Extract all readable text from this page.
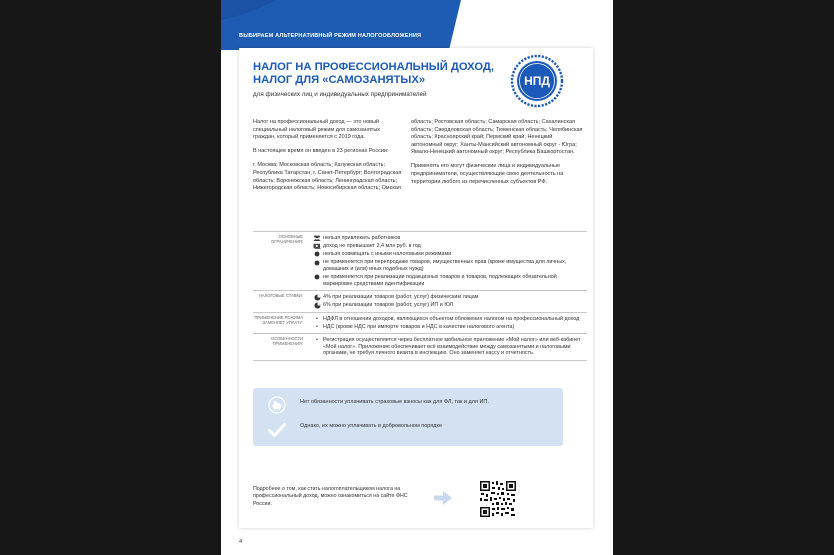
ВЫБИРАЕМ АЛЬТЕРНАТИВНЫЙ РЕЖИМ НАЛОГООБЛОЖЕНИЯ
НАЛОГ НА ПРОФЕССИОНАЛЬНЫЙ ДОХОД,
НАЛОГ ДЛЯ «САМОЗАНЯТЫХ»
для физических лиц и индивидуальных предпринимателей
НПД

Налог на профессиональный доход — это новый специальный налоговый режим для самозанятых граждан, который применяется с 2019 года.

В настоящее время он введен в 23 регионах России:

г. Москва; Московская область; Калужская область; Республика Татарстан; г. Санкт-Петербург; Волгоградская область; Воронежская область; Ленинградская область; Нижегородская область; Новосибирская область; Омская

область; Ростовская область; Самарская область; Сахалинская область; Свердловская область; Тюменская область; Челябинская область; Красноярский край; Пермский край; Ненецкий автономный округ; Ханты-Мансийский автономный округ - Югра; Ямало-Ненецкий автономный округ; Республика Башкортостан.

Применять его могут физические лица и индивидуальные предприниматели, осуществляющие свою деятельность на территории любого из перечисленных субъектов РФ.

ОСНОВНЫЕ ОГРАНИЧЕНИЯ:
нельзя привлекать работников
доход не превышает 2,4 млн руб. в год
нельзя совмещать с иными налоговыми режимами
не применяется при перепродаже товаров, имущественных прав (кроме имущества для личных, домашних и (или) иных подобных нужд)
не применяется при реализации подакцизных товаров и товаров, подлежащих обязательной маркировке средствами идентификации
НАЛОГОВЫЕ СТАВКИ:	4% при реализации товаров (работ, услуг) физическим лицам
6% при реализации товаров (работ, услуг) ИП и ЮЛ
ПРИМЕНЕНИЕ РЕЖИМА ЗАМЕНЯЕТ УПЛАТУ:
• НДФЛ в отношении доходов, являющихся объектом обложения налогом на профессиональный доход
• НДС (кроме НДС при импорте товаров и НДС в качестве налогового агента)
ОСОБЕННОСТИ ПРИМЕНЕНИЯ:
• Регистрация осуществляется через бесплатное мобильное приложение «Мой налог» или веб-кабинет «Мой налог». Приложение обеспечивает всё взаимодействие между самозанятыми и налоговыми органами, не требуя личного визита в инспекцию. Оно заменяет кассу и отчетность.
Нет обязанности уплачивать страховые взносы как для ФЛ, так и для ИП.
Однако, их можно уплачивать в добровольном порядке
Подробнее о том, как стать налогоплательщиком налога на профессиональный доход, можно ознакомиться на сайте ФНС России.
4
